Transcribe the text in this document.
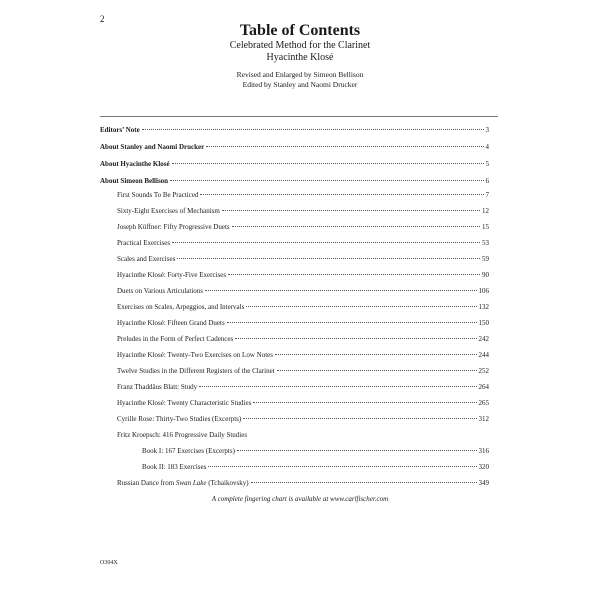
2
Table of Contents
Celebrated Method for the Clarinet
Hyacinthe Klosé
Revised and Enlarged by Simeon Bellison
Edited by Stanley and Naomi Drucker
Editors’ Note	3
About Stanley and Naomi Drucker	4
About Hyacinthe Klosé	5
About Simeon Bellison	6
First Sounds To Be Practiced	7
Sixty-Eight Exercises of Mechanism	12
Joseph Küffner: Fifty Progressive Duets	15
Practical Exercises	53
Scales and Exercises	59
Hyacinthe Klosé: Forty-Five Exercises	90
Duets on Various Articulations	106
Exercises on Scales, Arpeggios, and Intervals	132
Hyacinthe Klosé: Fifteen Grand Duets	150
Preludes in the Form of Perfect Cadences	242
Hyacinthe Klosé: Twenty-Two Exercises on Low Notes	244
Twelve Studies in the Different Registers of the Clarinet	252
Franz Thaddäus Blatt: Study	264
Hyacinthe Klosé: Twenty Characteristic Studies	265
Cyrille Rose: Thirty-Two Studies (Excerpts)	312
Fritz Kroepsch: 416 Progressive Daily Studies
Book I: 167 Exercises (Excerpts)	316
Book II: 183 Exercises	320
Russian Dance from Swan Lake (Tchaikovsky)	349
A complete fingering chart is available at www.carlfischer.com
O304X
